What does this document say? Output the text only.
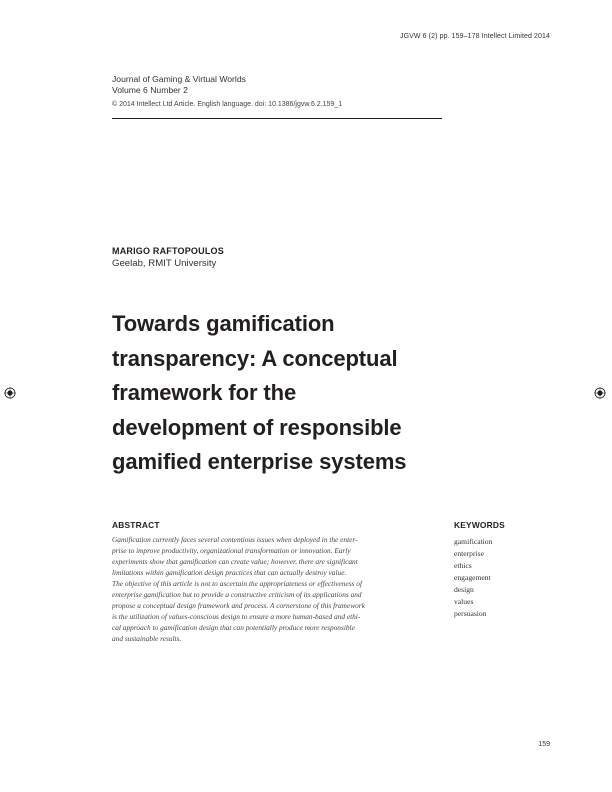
JGVW 6 (2) pp. 159–178 Intellect Limited 2014
Journal of Gaming & Virtual Worlds
Volume 6 Number 2
© 2014 Intellect Ltd Article. English language. doi: 10.1386/jgvw.6.2.159_1
MARIGO RAFTOPOULOS
Geelab, RMIT University
Towards gamification
transparency: A conceptual
framework for the
development of responsible
gamified enterprise systems
ABSTRACT
Gamification currently faces several contentious issues when deployed in the enter-
prise to improve productivity, organizational transformation or innovation. Early
experiments show that gamification can create value; however, there are significant
limitations within gamification design practices that can actually destroy value.
The objective of this article is not to ascertain the appropriateness or effectiveness of
enterprise gamification but to provide a constructive criticism of its applications and
propose a conceptual design framework and process. A cornerstone of this framework
is the utilization of values-conscious design to ensure a more human-based and ethi-
cal approach to gamification design that can potentially produce more responsible
and sustainable results.
KEYWORDS
gamification
enterprise
ethics
engagement
design
values
persuasion
159
